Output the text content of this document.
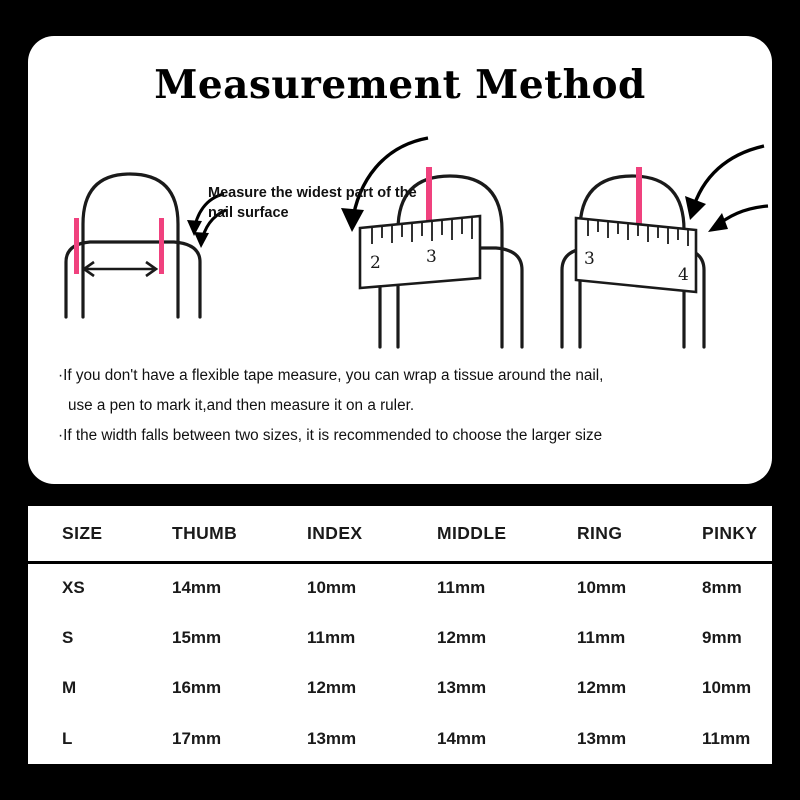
Measurement Method
2	3	3
4
Measure the widest part of the nail surface

·If you don't have a flexible tape measure, you can wrap a tissue around the nail,

use a pen to mark it,and then measure it on a ruler.

·If the width falls between two sizes, it is recommended to choose the larger size

SIZE	THUMB	INDEX	MIDDLE	RING	PINKY
XS	14mm	10mm	11mm	10mm	8mm
S	15mm	11mm	12mm	11mm	9mm
M	16mm	12mm	13mm	12mm	10mm
L	17mm	13mm	14mm	13mm	11mm
